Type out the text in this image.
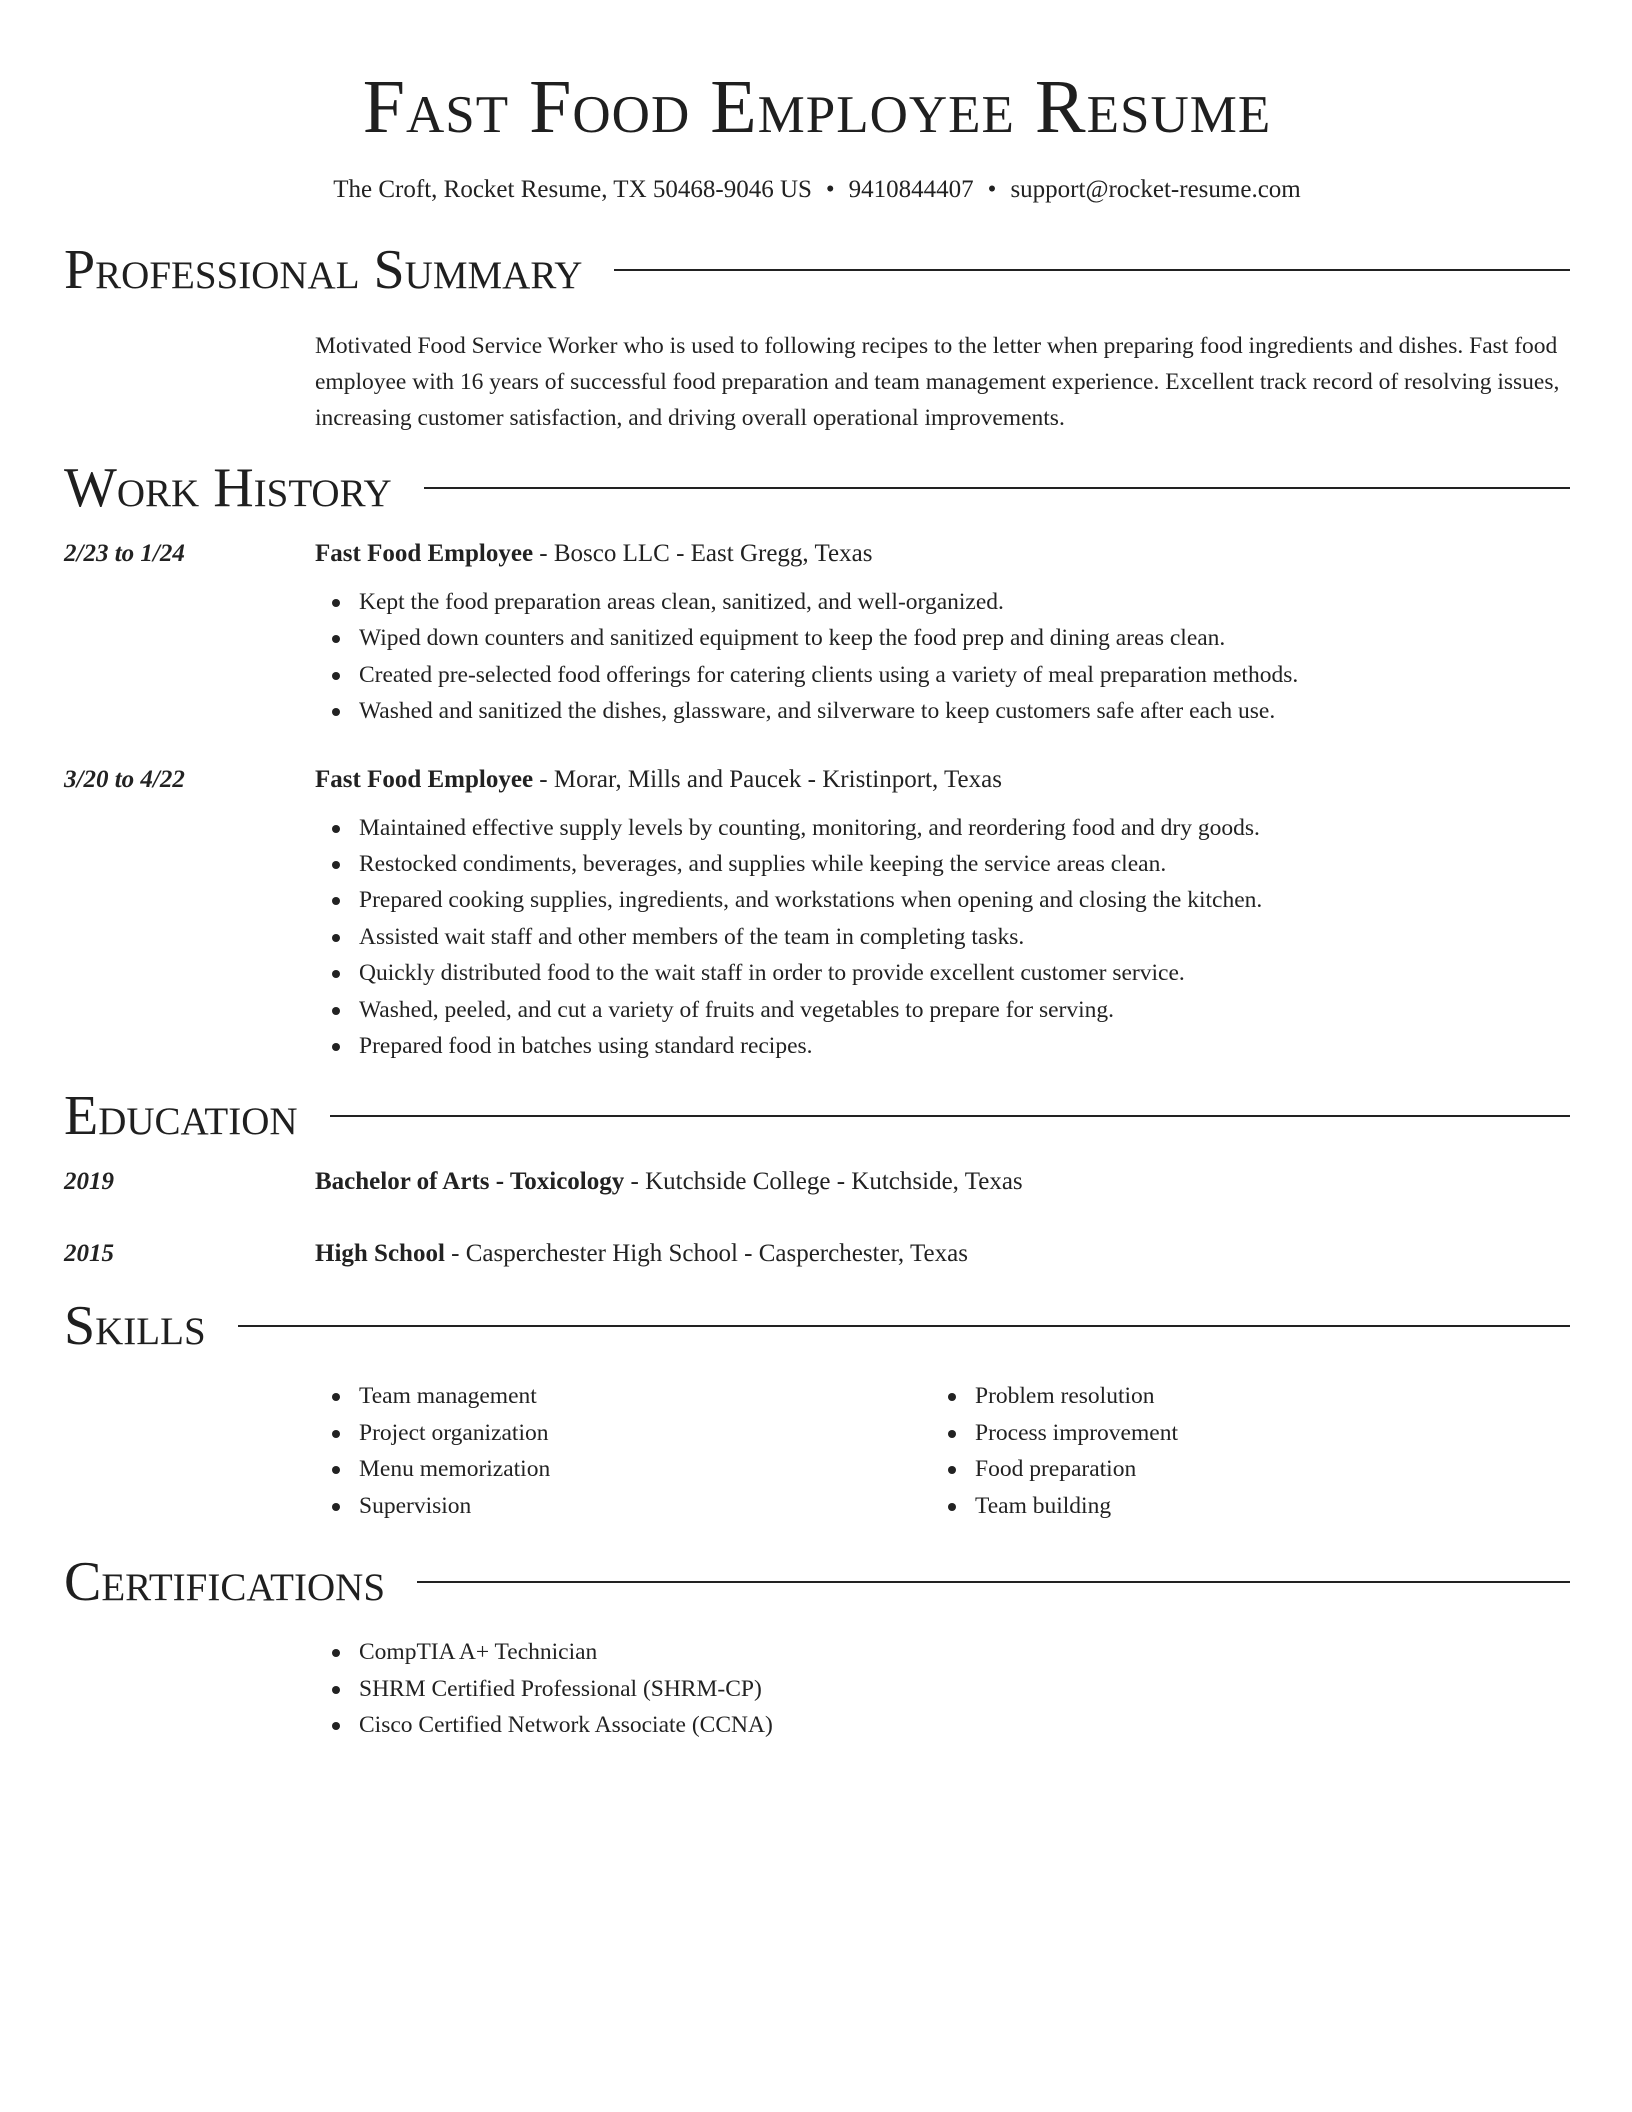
Fast Food Employee Resume
The Croft, Rocket Resume, TX 50468-9046 US • 9410844407 • support@rocket-resume.com
Professional Summary

Motivated Food Service Worker who is used to following recipes to the letter when preparing food ingredients and dishes. Fast food employee with 16 years of successful food preparation and team management experience. Excellent track record of resolving issues, increasing customer satisfaction, and driving overall operational improvements.

Work History
2/23 to 1/24	Fast Food Employee - Bosco LLC - East Gregg, Texas
Kept the food preparation areas clean, sanitized, and well-organized.
Wiped down counters and sanitized equipment to keep the food prep and dining areas clean.
Created pre-selected food offerings for catering clients using a variety of meal preparation methods.
Washed and sanitized the dishes, glassware, and silverware to keep customers safe after each use.
3/20 to 4/22	Fast Food Employee - Morar, Mills and Paucek - Kristinport, Texas
Maintained effective supply levels by counting, monitoring, and reordering food and dry goods.
Restocked condiments, beverages, and supplies while keeping the service areas clean.
Prepared cooking supplies, ingredients, and workstations when opening and closing the kitchen.
Assisted wait staff and other members of the team in completing tasks.
Quickly distributed food to the wait staff in order to provide excellent customer service.
Washed, peeled, and cut a variety of fruits and vegetables to prepare for serving.
Prepared food in batches using standard recipes.
Education
2019	Bachelor of Arts - Toxicology - Kutchside College - Kutchside, Texas
2015	High School - Casperchester High School - Casperchester, Texas
Skills
Team management
Project organization
Menu memorization
Supervision
Problem resolution
Process improvement
Food preparation
Team building
Certifications
CompTIA A+ Technician
SHRM Certified Professional (SHRM-CP)
Cisco Certified Network Associate (CCNA)
